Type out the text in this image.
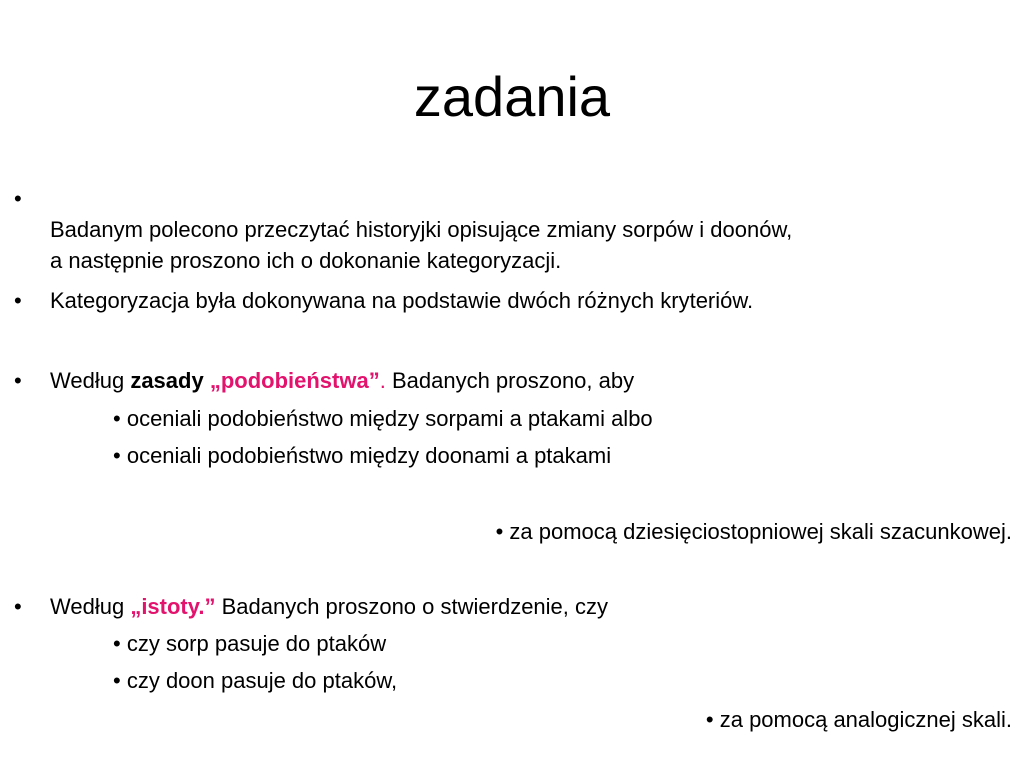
zadania
•
Badanym polecono przeczytać historyjki opisujące zmiany sorpów i doonów,
a następnie proszono ich o dokonanie kategoryzacji.
• Kategoryzacja była dokonywana na podstawie dwóch różnych kryteriów.
• Według zasady „podobieństwa”. Badanych proszono, aby
• oceniali podobieństwo między sorpami a ptakami albo
• oceniali podobieństwo między doonami a ptakami
• za pomocą dziesięciostopniowej skali szacunkowej.
• Według „istoty.” Badanych proszono o stwierdzenie, czy
• czy sorp pasuje do ptaków
• czy doon pasuje do ptaków,
• za pomocą analogicznej skali.
